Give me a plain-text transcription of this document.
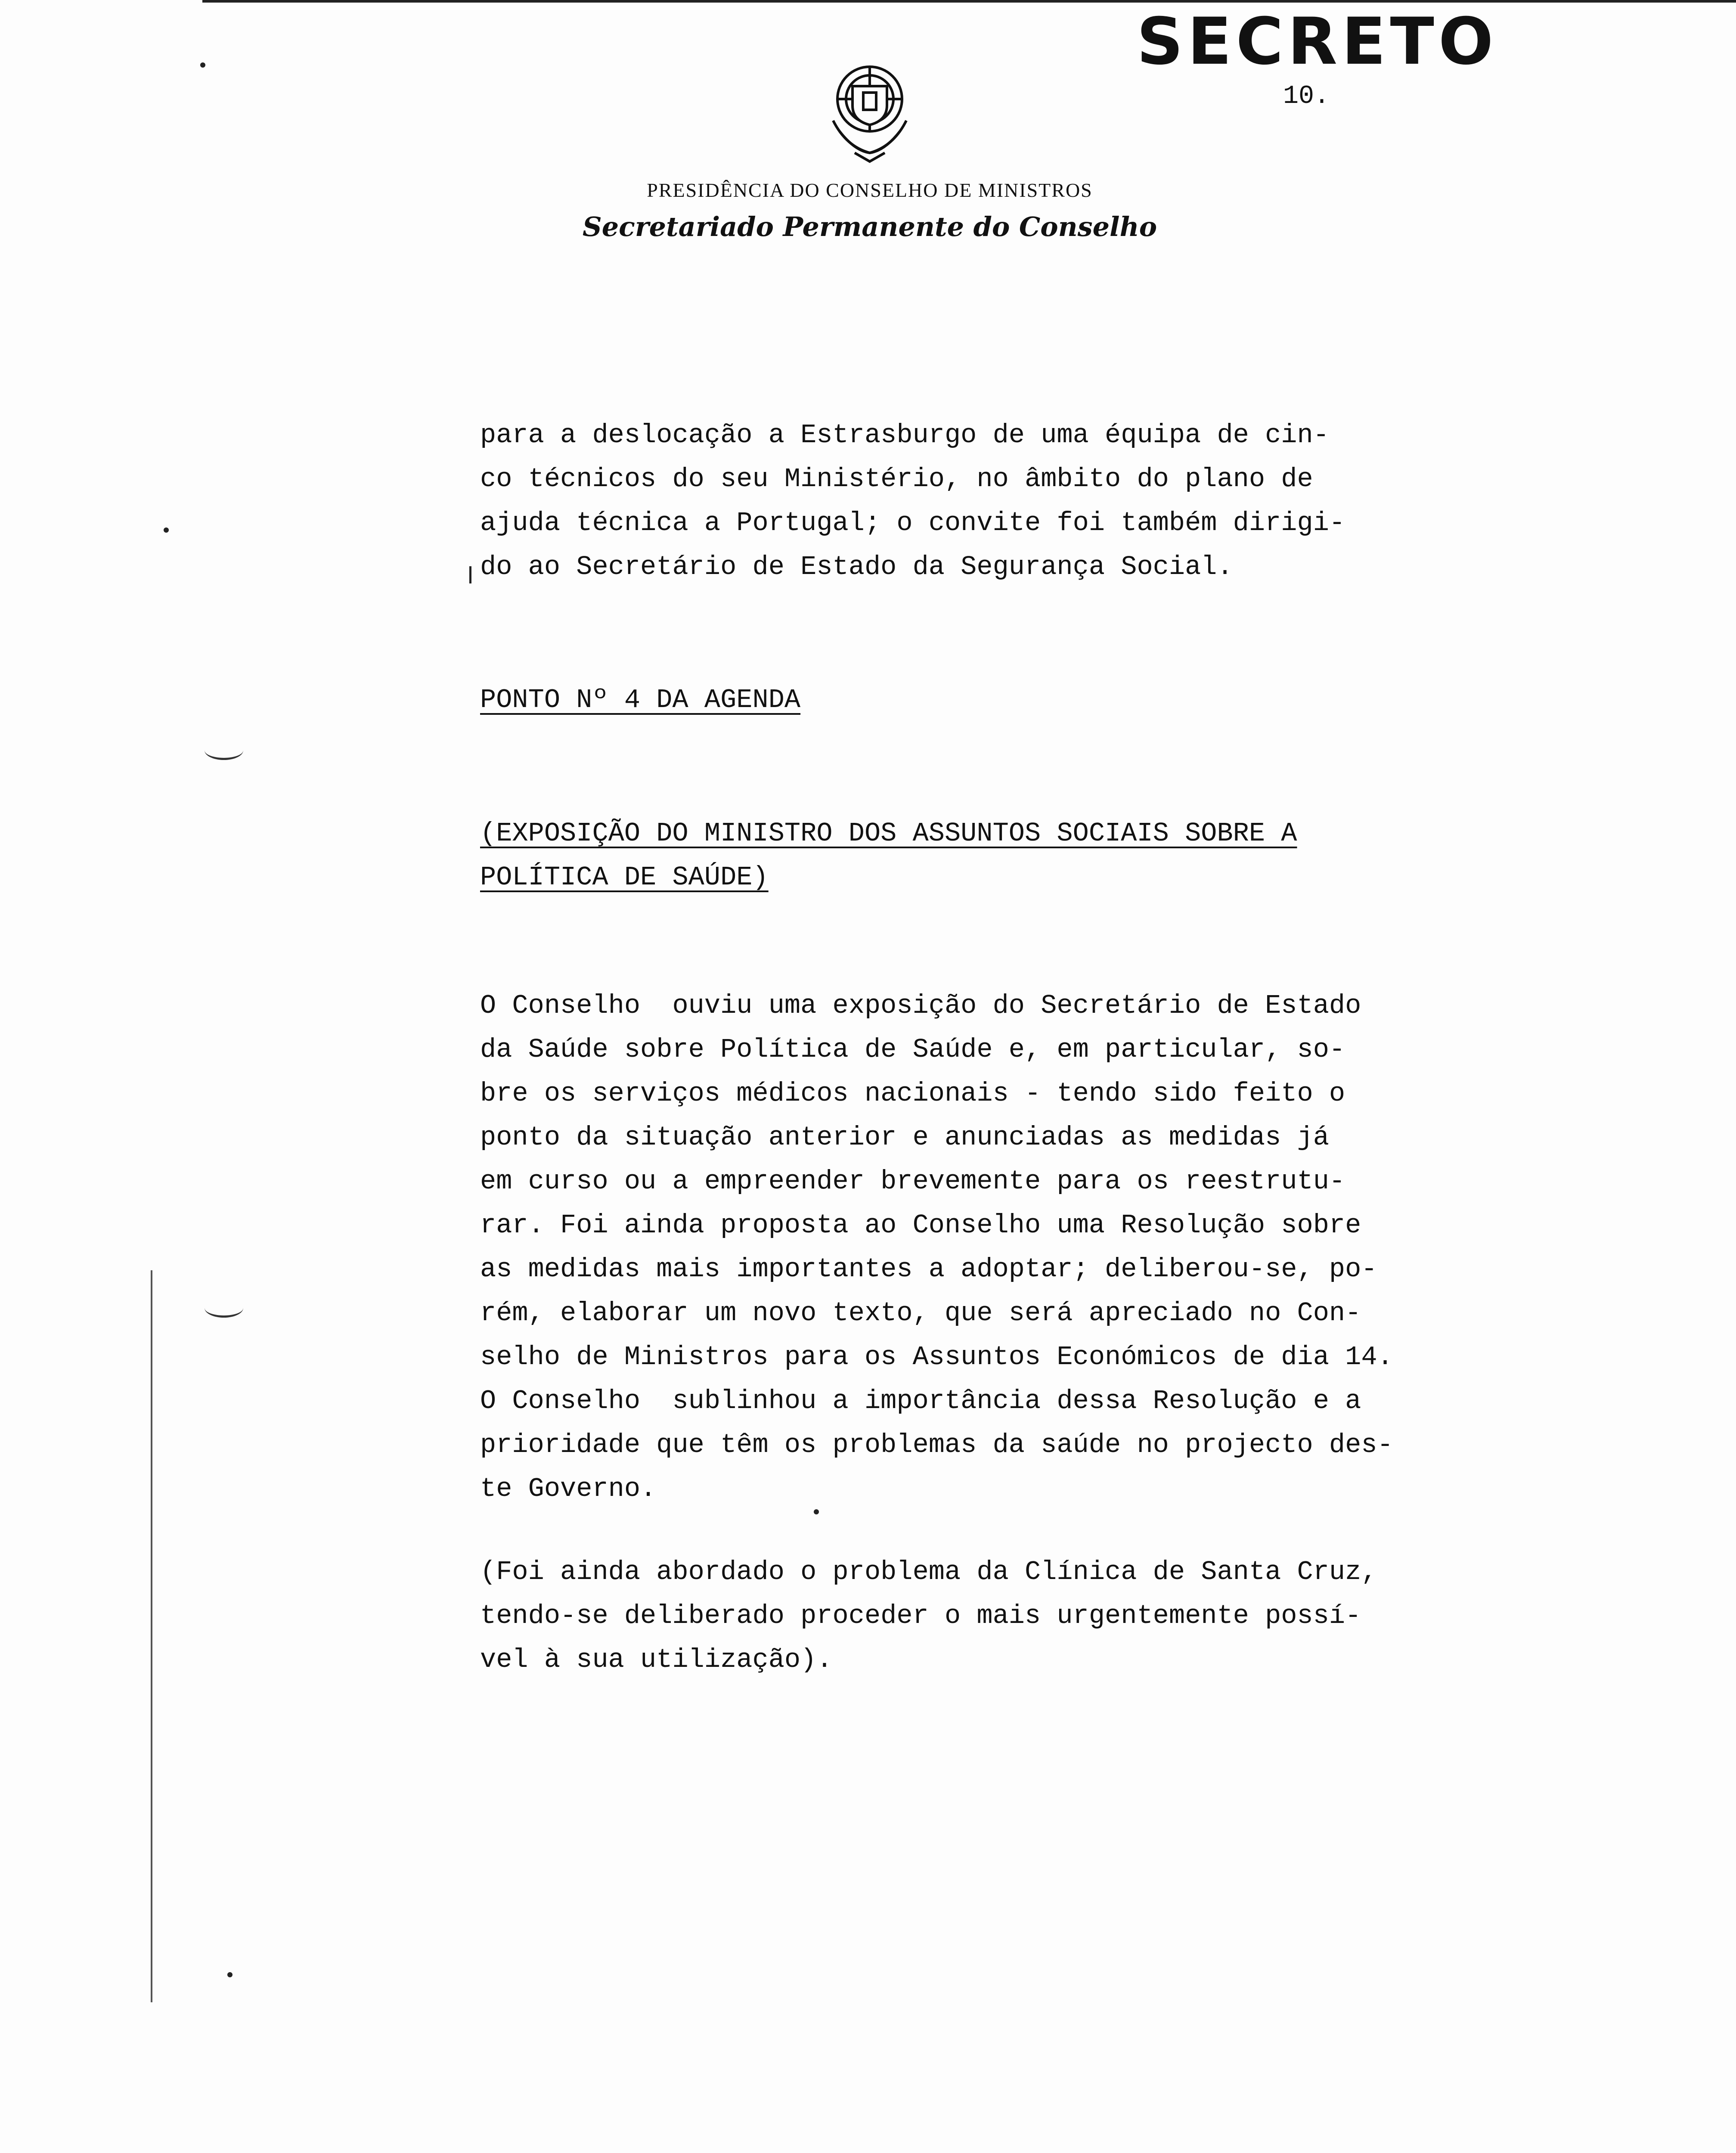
SECRETO
10.
PRESIDÊNCIA DO CONSELHO DE MINISTROS
Secretariado Permanente do Conselho
para a deslocação a Estrasburgo de uma équipa de cin-
co técnicos do seu Ministério, no âmbito do plano de
ajuda técnica a Portugal; o convite foi também dirigi-
do ao Secretário de Estado da Segurança Social.
PONTO Nº 4 DA AGENDA
(EXPOSIÇÃO DO MINISTRO DOS ASSUNTOS SOCIAIS SOBRE A
POLÍTICA DE SAÚDE)
O Conselho  ouviu uma exposição do Secretário de Estado
da Saúde sobre Política de Saúde e, em particular, so-
bre os serviços médicos nacionais - tendo sido feito o
ponto da situação anterior e anunciadas as medidas já
em curso ou a empreender brevemente para os reestrutu-
rar. Foi ainda proposta ao Conselho uma Resolução sobre
as medidas mais importantes a adoptar; deliberou-se, po-
rém, elaborar um novo texto, que será apreciado no Con-
selho de Ministros para os Assuntos Económicos de dia 14.
O Conselho  sublinhou a importância dessa Resolução e a
prioridade que têm os problemas da saúde no projecto des-
te Governo.
(Foi ainda abordado o problema da Clínica de Santa Cruz,
tendo-se deliberado proceder o mais urgentemente possí-
vel à sua utilização).
